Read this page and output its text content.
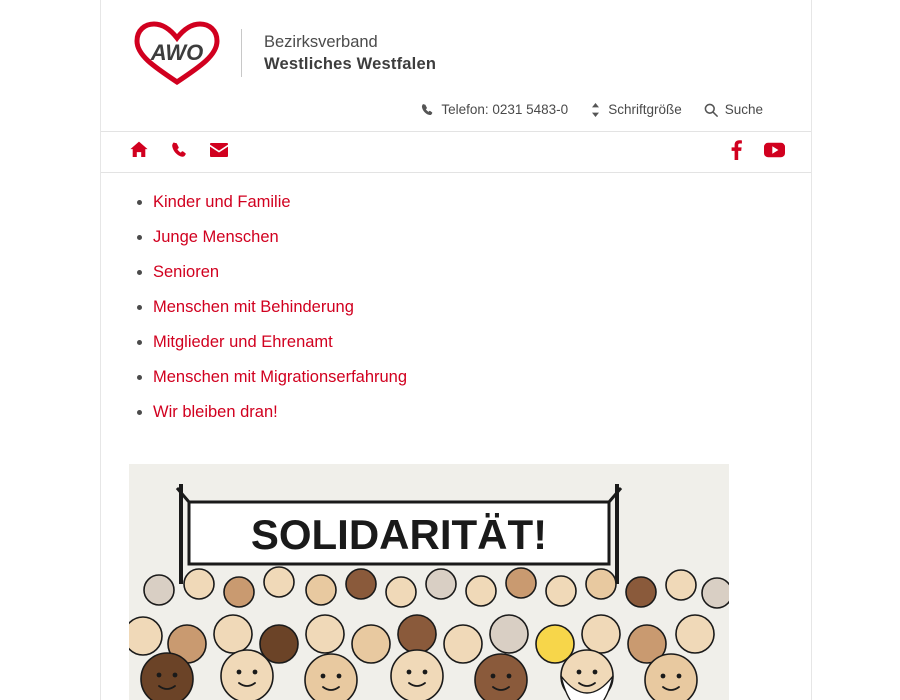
AWO	Bezirksverband
Westliches Westfalen
Telefon: 0231 5483-0	Schriftgröße	Suche
Kinder und Familie
Junge Menschen
Senioren
Menschen mit Behinderung
Mitglieder und Ehrenamt
Menschen mit Migrationserfahrung
Wir bleiben dran!
SOLIDARITÄT!
